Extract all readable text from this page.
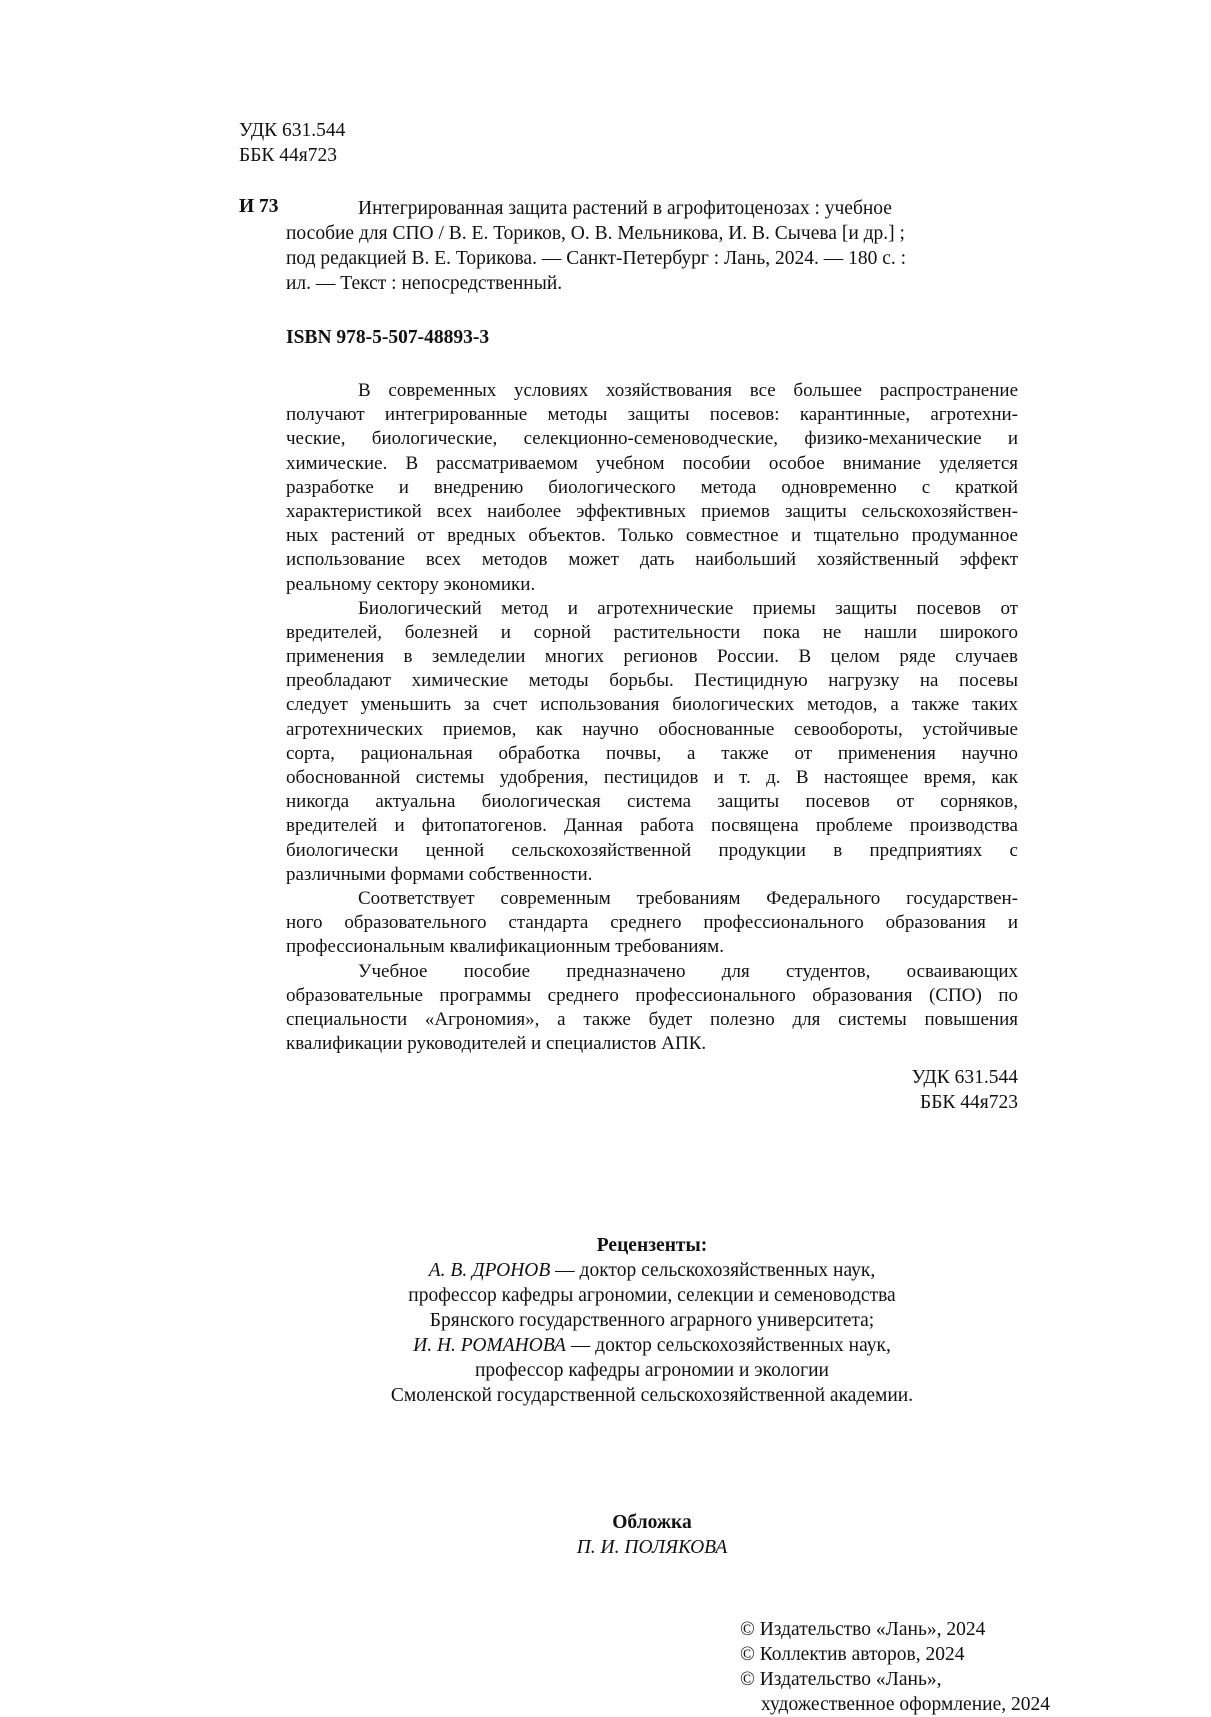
УДК 631.544
ББК 44я723
И 73	Интегрированная защита растений в агрофитоценозах : учебное
пособие для СПО / В. Е. Ториков, О. В. Мельникова, И. В. Сычева [и др.] ;
под редакцией В. Е. Торикова. — Санкт-Петербург : Лань, 2024. — 180 с. :
ил. — Текст : непосредственный.
ISBN 978-5-507-48893-3
В современных условиях хозяйствования все большее распространение
получают интегрированные методы защиты посевов: карантинные, агротехни-
ческие, биологические, селекционно-семеноводческие, физико-механические и
химические. В рассматриваемом учебном пособии особое внимание уделяется
разработке и внедрению биологического метода одновременно с краткой
характеристикой всех наиболее эффективных приемов защиты сельскохозяйствен-
ных растений от вредных объектов. Только совместное и тщательно продуманное
использование всех методов может дать наибольший хозяйственный эффект
реальному сектору экономики.
Биологический метод и агротехнические приемы защиты посевов от
вредителей, болезней и сорной растительности пока не нашли широкого
применения в земледелии многих регионов России. В целом ряде случаев
преобладают химические методы борьбы. Пестицидную нагрузку на посевы
следует уменьшить за счет использования биологических методов, а также таких
агротехнических приемов, как научно обоснованные севообороты, устойчивые
сорта, рациональная обработка почвы, а также от применения научно
обоснованной системы удобрения, пестицидов и т. д. В настоящее время, как
никогда актуальна биологическая система защиты посевов от сорняков,
вредителей и фитопатогенов. Данная работа посвящена проблеме производства
биологически ценной сельскохозяйственной продукции в предприятиях с
различными формами собственности.
Соответствует современным требованиям Федерального государствен-
ного образовательного стандарта среднего профессионального образования и
профессиональным квалификационным требованиям.
Учебное пособие предназначено для студентов, осваивающих
образовательные программы среднего профессионального образования (СПО) по
специальности «Агрономия», а также будет полезно для системы повышения
квалификации руководителей и специалистов АПК.
УДК 631.544
ББК 44я723
Рецензенты:
А. В. ДРОНОВ — доктор сельскохозяйственных наук,
профессор кафедры агрономии, селекции и семеноводства
Брянского государственного аграрного университета;
И. Н. РОМАНОВА — доктор сельскохозяйственных наук,
профессор кафедры агрономии и экологии
Смоленской государственной сельскохозяйственной академии.
Обложка
П. И. ПОЛЯКОВА
© Издательство «Лань», 2024
© Коллектив авторов, 2024
© Издательство «Лань»,
художественное оформление, 2024
